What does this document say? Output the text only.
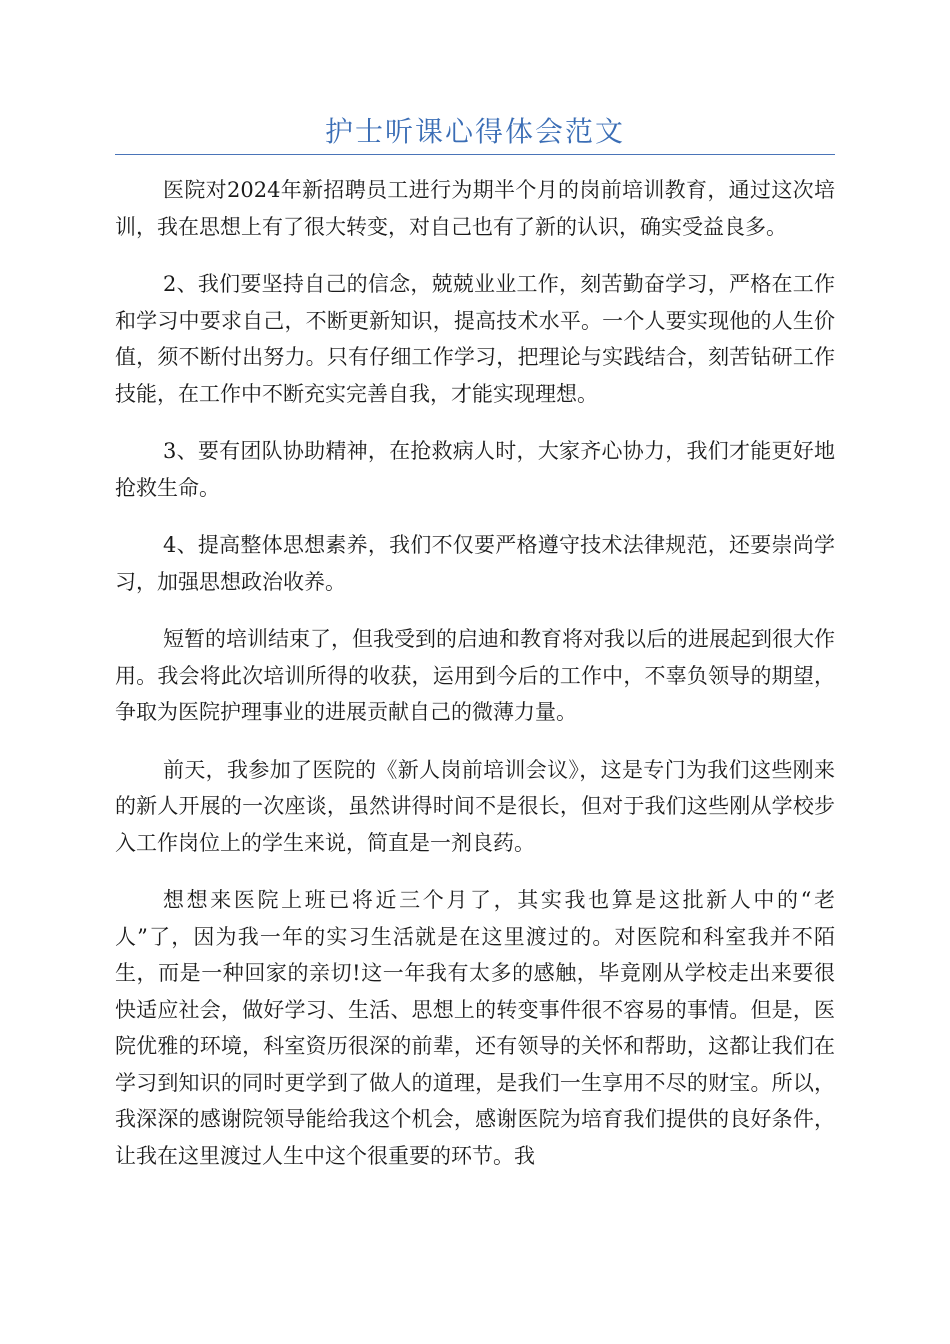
护士听课心得体会范文

医院对2024年新招聘员工进行为期半个月的岗前培训教育，通过这次培训，我在思想上有了很大转变，对自己也有了新的认识，确实受益良多。

2、我们要坚持自己的信念，兢兢业业工作，刻苦勤奋学习，严格在工作和学习中要求自己，不断更新知识，提高技术水平。一个人要实现他的人生价值，须不断付出努力。只有仔细工作学习，把理论与实践结合，刻苦钻研工作技能，在工作中不断充实完善自我，才能实现理想。

3、要有团队协助精神，在抢救病人时，大家齐心协力，我们才能更好地抢救生命。

4、提高整体思想素养，我们不仅要严格遵守技术法律规范，还要崇尚学习，加强思想政治收养。

短暂的培训结束了，但我受到的启迪和教育将对我以后的进展起到很大作用。我会将此次培训所得的收获，运用到今后的工作中，不辜负领导的期望，争取为医院护理事业的进展贡献自己的微薄力量。

前天，我参加了医院的《新人岗前培训会议》，这是专门为我们这些刚来的新人开展的一次座谈，虽然讲得时间不是很长，但对于我们这些刚从学校步入工作岗位上的学生来说，简直是一剂良药。

想想来医院上班已将近三个月了，其实我也算是这批新人中的“老人”了，因为我一年的实习生活就是在这里渡过的。对医院和科室我并不陌生，而是一种回家的亲切!这一年我有太多的感触，毕竟刚从学校走出来要很快适应社会，做好学习、生活、思想上的转变事件很不容易的事情。但是，医院优雅的环境，科室资历很深的前辈，还有领导的关怀和帮助，这都让我们在学习到知识的同时更学到了做人的道理，是我们一生享用不尽的财宝。所以，我深深的感谢院领导能给我这个机会，感谢医院为培育我们提供的良好条件，让我在这里渡过人生中这个很重要的环节。我
